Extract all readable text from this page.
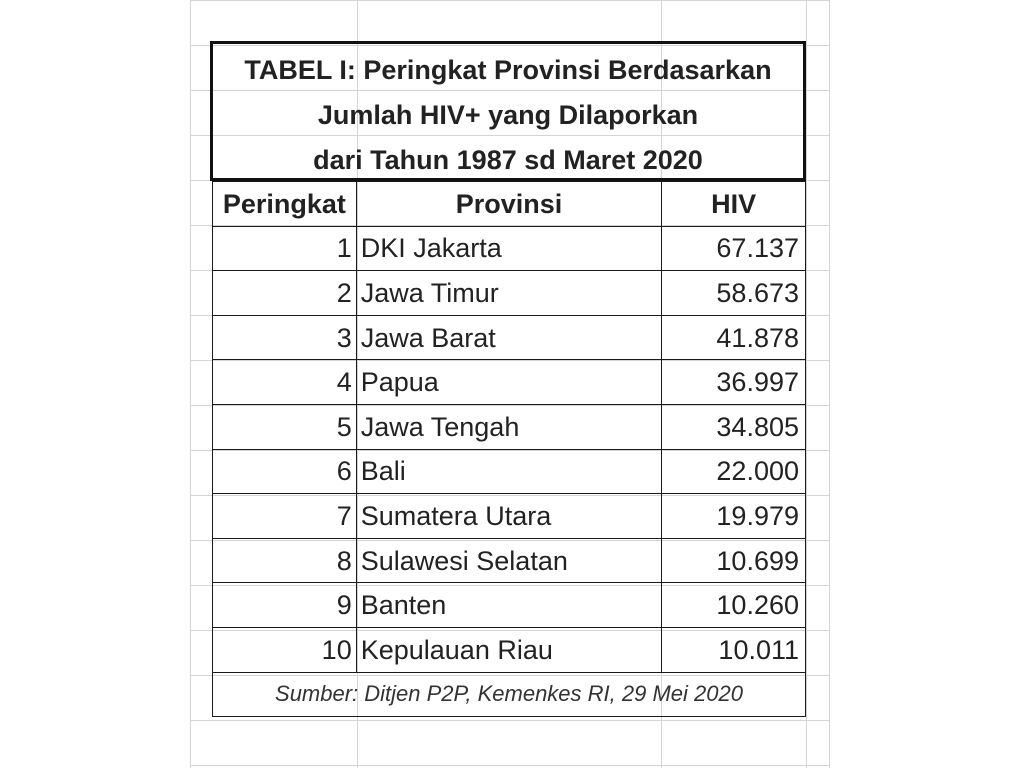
TABEL I: Peringkat Provinsi Berdasarkan
Jumlah HIV+ yang Dilaporkan
dari Tahun 1987 sd Maret 2020
Peringkat	Provinsi	HIV
1	DKI Jakarta	67.137
2	Jawa Timur	58.673
3	Jawa Barat	41.878
4	Papua	36.997
5	Jawa Tengah	34.805
6	Bali	22.000
7	Sumatera Utara	19.979
8	Sulawesi Selatan	10.699
9	Banten	10.260
10	Kepulauan Riau	10.011
Sumber: Ditjen P2P, Kemenkes RI, 29 Mei 2020		
